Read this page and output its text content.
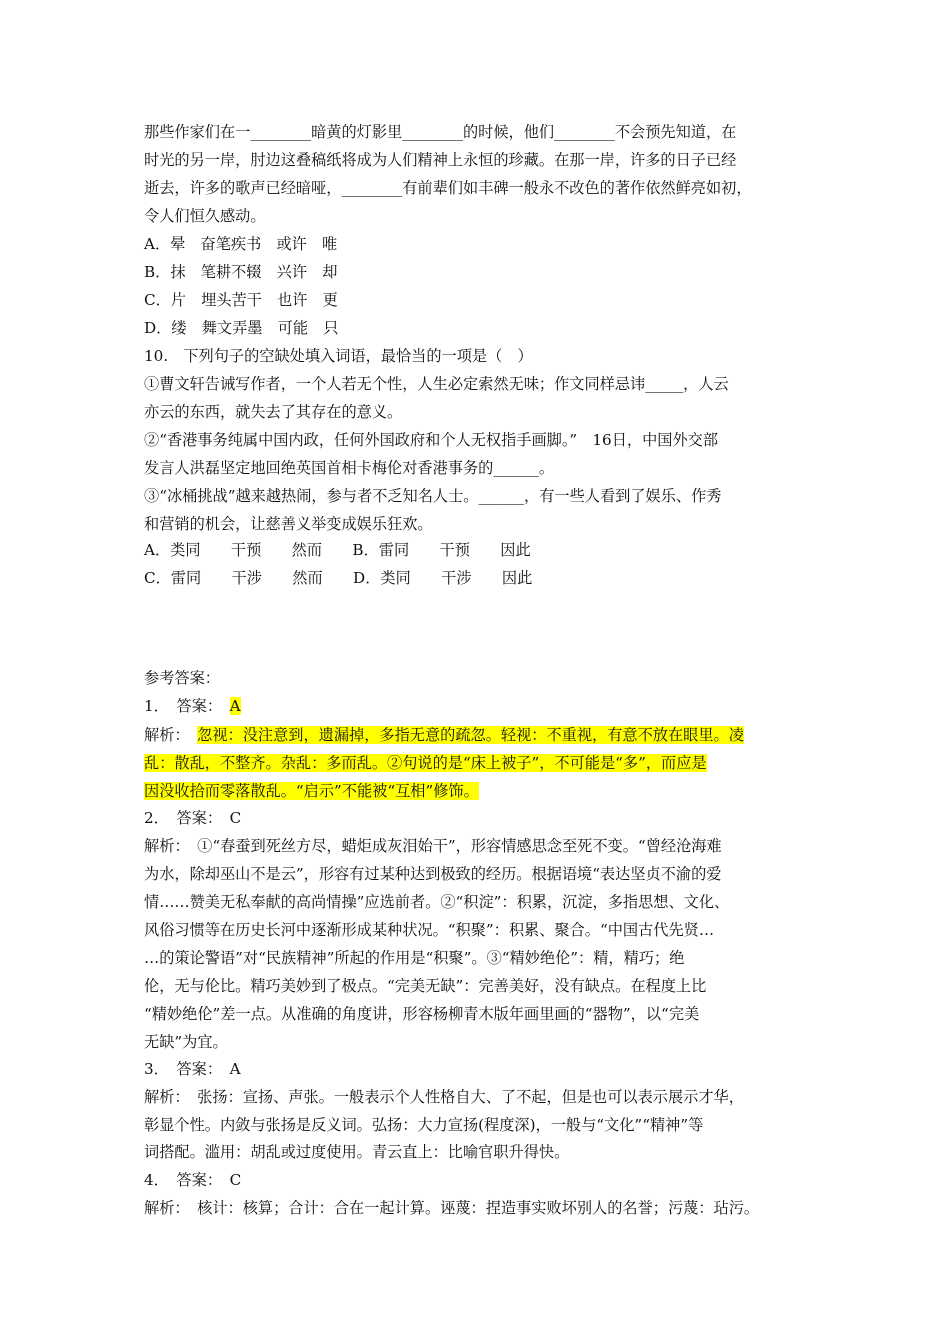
那些作家们在一________暗黄的灯影里________的时候，他们________不会预先知道，在
时光的另一岸，肘边这叠稿纸将成为人们精神上永恒的珍藏。在那一岸，许多的日子已经
逝去，许多的歌声已经暗哑，________有前辈们如丰碑一般永不改色的著作依然鲜亮如初，
令人们恒久感动。
A．晕　奋笔疾书　或许　唯
B．抹　笔耕不辍　兴许　却
C．片　埋头苦干　也许　更
D．缕　舞文弄墨　可能　只
10.　下列句子的空缺处填入词语，最恰当的一项是（　）
①曹文轩告诫写作者，一个人若无个性，人生必定索然无味；作文同样忌讳_____，人云
亦云的东西，就失去了其存在的意义。
②“香港事务纯属中国内政，任何外国政府和个人无权指手画脚。”　16日，中国外交部
发言人洪磊坚定地回绝英国首相卡梅伦对香港事务的______。
③“冰桶挑战”越来越热闹，参与者不乏知名人士。______，有一些人看到了娱乐、作秀
和营销的机会，让慈善义举变成娱乐狂欢。
A．类同　　干预　　然而　　B．雷同　　干预　　因此
C．雷同　　干涉　　然而　　D．类同　　干涉　　因此
参考答案：
1．　答案：　A
解析：　忽视：没注意到，遗漏掉，多指无意的疏忽。轻视：不重视，有意不放在眼里。凌
乱：散乱，不整齐。杂乱：多而乱。②句说的是“床上被子”，不可能是“多”，而应是
因没收拾而零落散乱。“启示”不能被“互相”修饰。
2．　答案：　C
解析：　①“春蚕到死丝方尽，蜡炬成灰泪始干”，形容情感思念至死不变。“曾经沧海难
为水，除却巫山不是云”，形容有过某种达到极致的经历。根据语境“表达坚贞不渝的爱
情……赞美无私奉献的高尚情操”应选前者。②“积淀”：积累，沉淀，多指思想、文化、
风俗习惯等在历史长河中逐渐形成某种状况。“积聚”：积累、聚合。“中国古代先贤…
…的策论警语”对“民族精神”所起的作用是“积聚”。③“精妙绝伦”：精，精巧；绝
伦，无与伦比。精巧美妙到了极点。“完美无缺”：完善美好，没有缺点。在程度上比
“精妙绝伦”差一点。从准确的角度讲，形容杨柳青木版年画里画的“器物”，以“完美
无缺”为宜。
3．　答案：　A
解析：　张扬：宣扬、声张。一般表示个人性格自大、了不起，但是也可以表示展示才华，
彰显个性。内敛与张扬是反义词。弘扬：大力宣扬(程度深)，一般与“文化”“精神”等
词搭配。滥用：胡乱或过度使用。青云直上：比喻官职升得快。
4．　答案：　C
解析：　核计：核算；合计：合在一起计算。诬蔑：捏造事实败坏别人的名誉；污蔑：玷污。
